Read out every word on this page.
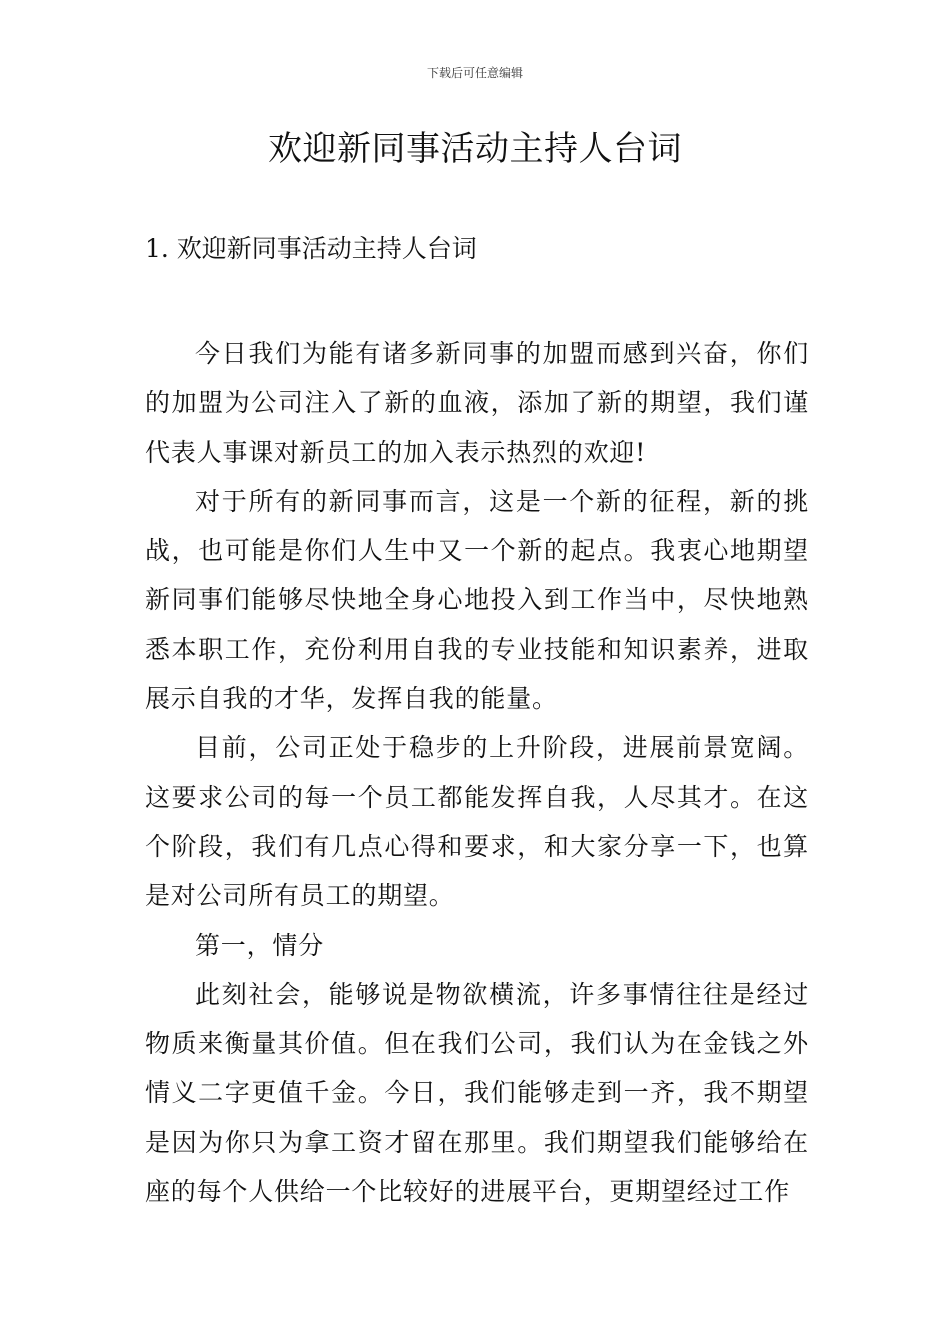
下载后可任意编辑
欢迎新同事活动主持人台词
1. 欢迎新同事活动主持人台词

今日我们为能有诸多新同事的加盟而感到兴奋，你们的加盟为公司注入了新的血液，添加了新的期望，我们谨代表人事课对新员工的加入表示热烈的欢迎!

对于所有的新同事而言，这是一个新的征程，新的挑战，也可能是你们人生中又一个新的起点。我衷心地期望新同事们能够尽快地全身心地投入到工作当中，尽快地熟悉本职工作，充份利用自我的专业技能和知识素养，进取展示自我的才华，发挥自我的能量。

目前，公司正处于稳步的上升阶段，进展前景宽阔。这要求公司的每一个员工都能发挥自我，人尽其才。在这个阶段，我们有几点心得和要求，和大家分享一下，也算是对公司所有员工的期望。

第一，情分

此刻社会，能够说是物欲横流，许多事情往往是经过物质来衡量其价值。但在我们公司，我们认为在金钱之外情义二字更值千金。今日，我们能够走到一齐，我不期望是因为你只为拿工资才留在那里。我们期望我们能够给在座的每个人供给一个比较好的进展平台，更期望经过工作
